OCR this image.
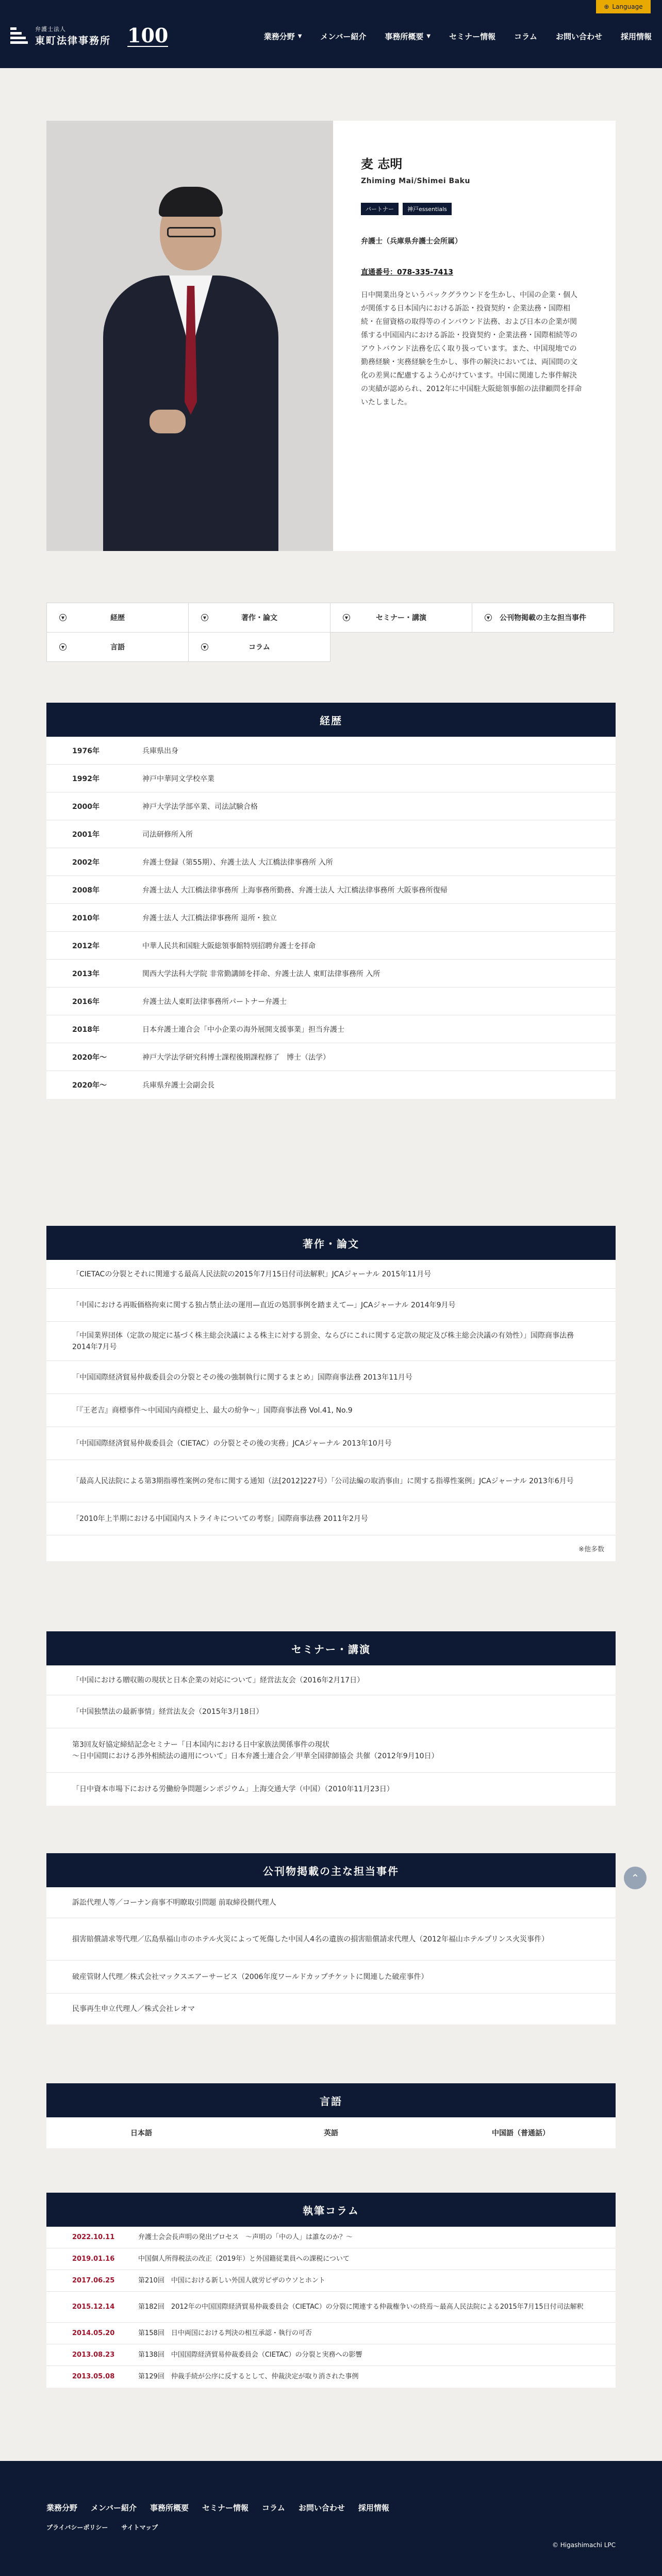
⊕ Language
弁護士法人
東町法律事務所 100	業務分野 ▼ メンバー紹介 事務所概要 ▼ セミナー情報 コラム お問い合わせ 採用情報
麦 志明
Zhiming Mai/Shimei Baku
パートナー	神戸essentials
弁護士（兵庫県弁護士会所属）
直通番号：078-335-7413

日中開業出身というバックグラウンドを生かし、中国の企業・個人が関係する日本国内における訴訟・投資契約・企業法務・国際相続・在留資格の取得等のインバウンド法務、および日本の企業が関係する中国国内における訴訟・投資契約・企業法務・国際相続等のアウトバウンド法務を広く取り扱っています。また、中国現地での勤務経験・実務経験を生かし、事件の解決においては、両国間の文化の差異に配慮するよう心がけています。中国に関連した事件解決の実績が認められ、2012年に中国駐大阪総領事館の法律顧問を拝命いたしました。

▼	経歴	▼	著作・論文	▼	セミナー・講演	▼	公刊物掲載の主な担当事件
▼	言語	▼	コラム
経歴
1976年	兵庫県出身
1992年	神戸中華同文学校卒業
2000年	神戸大学法学部卒業、司法試験合格
2001年	司法研修所入所
2002年	弁護士登録（第55期）、弁護士法人 大江橋法律事務所 入所
2008年	弁護士法人 大江橋法律事務所 上海事務所勤務、弁護士法人 大江橋法律事務所 大阪事務所復帰
2010年	弁護士法人 大江橋法律事務所 退所・独立
2012年	中華人民共和国駐大阪総領事館特別招聘弁護士を拝命
2013年	関西大学法科大学院 非常勤講師を拝命、弁護士法人 東町法律事務所 入所
2016年	弁護士法人東町法律事務所パートナー弁護士
2018年	日本弁護士連合会「中小企業の海外展開支援事業」担当弁護士
2020年～	神戸大学法学研究科博士課程後期課程修了　博士（法学）
2020年～	兵庫県弁護士会副会長
著作・論文
「CIETACの分裂とそれに関連する最高人民法院の2015年7月15日付司法解釈」JCAジャーナル 2015年11月号
「中国における再販価格拘束に関する独占禁止法の運用—直近の処罰事例を踏まえて—」JCAジャーナル 2014年9月号
「中国業界団体（定款の規定に基づく株主総会決議による株主に対する罰金、ならびにこれに関する定款の規定及び株主総会決議の有効性）」国際商事法務 2014年7月号
「中国国際経済貿易仲裁委員会の分裂とその後の強制執行に関するまとめ」国際商事法務 2013年11月号
「『王老吉』商標事件〜中国国内商標史上、最大の紛争〜」国際商事法務 Vol.41, No.9
「中国国際経済貿易仲裁委員会（CIETAC）の分裂とその後の実務」JCAジャーナル 2013年10月号
「最高人民法院による第3期指導性案例の発布に関する通知（法[2012]227号）「公司法編の取消事由」に関する指導性案例」JCAジャーナル 2013年6月号
「2010年上半期における中国国内ストライキについての考察」国際商事法務 2011年2月号
※他多数
セミナー・講演
「中国における贈収賄の現状と日本企業の対応について」経営法友会（2016年2月17日）
「中国独禁法の最新事情」経営法友会（2015年3月18日）
第3回友好協定締結記念セミナー「日本国内における日中家族法関係事件の現状
〜日中国間における渉外相続法の適用について」日本弁護士連合会／甲華全国律師協会 共催（2012年9月10日）
「日中資本市場下における労働紛争問題シンポジウム」上海交通大学（中国）（2010年11月23日）
公刊物掲載の主な担当事件
訴訟代理人等／コーナン商事不明瞭取引問題 前取締役側代理人
損害賠償請求等代理／広島県福山市のホテル火災によって死傷した中国人4名の遺族の損害賠償請求代理人（2012年福山ホテルプリンス火災事件）
破産管財人代理／株式会社マックスエアーサービス（2006年度ワールドカップチケットに関連した破産事件）
民事再生申立代理人／株式会社レオマ
言語
日本語	英語	中国語（普通話）
執筆コラム
2022.10.11	弁護士会会長声明の発出プロセス　〜声明の「中の人」は誰なのか？〜
2019.01.16	中国個人所得税法の改正（2019年）と外国籍従業員への課税について
2017.06.25	第210回　中国における新しい外国人就労ビザのウソとホント
2015.12.14	第182回　2012年の中国国際経済貿易仲裁委員会（CIETAC）の分裂に関連する仲裁権争いの終焉〜最高人民法院による2015年7月15日付司法解釈
2014.05.20	第158回　日中両国における判決の相互承認・執行の可否
2013.08.23	第138回　中国国際経済貿易仲裁委員会（CIETAC）の分裂と実務への影響
2013.05.08	第129回　仲裁手続が公序に反するとして、仲裁決定が取り消された事例
⌃
業務分野 メンバー紹介 事務所概要 セミナー情報 コラム お問い合わせ 採用情報
プライバシーポリシー サイトマップ
© Higashimachi LPC
